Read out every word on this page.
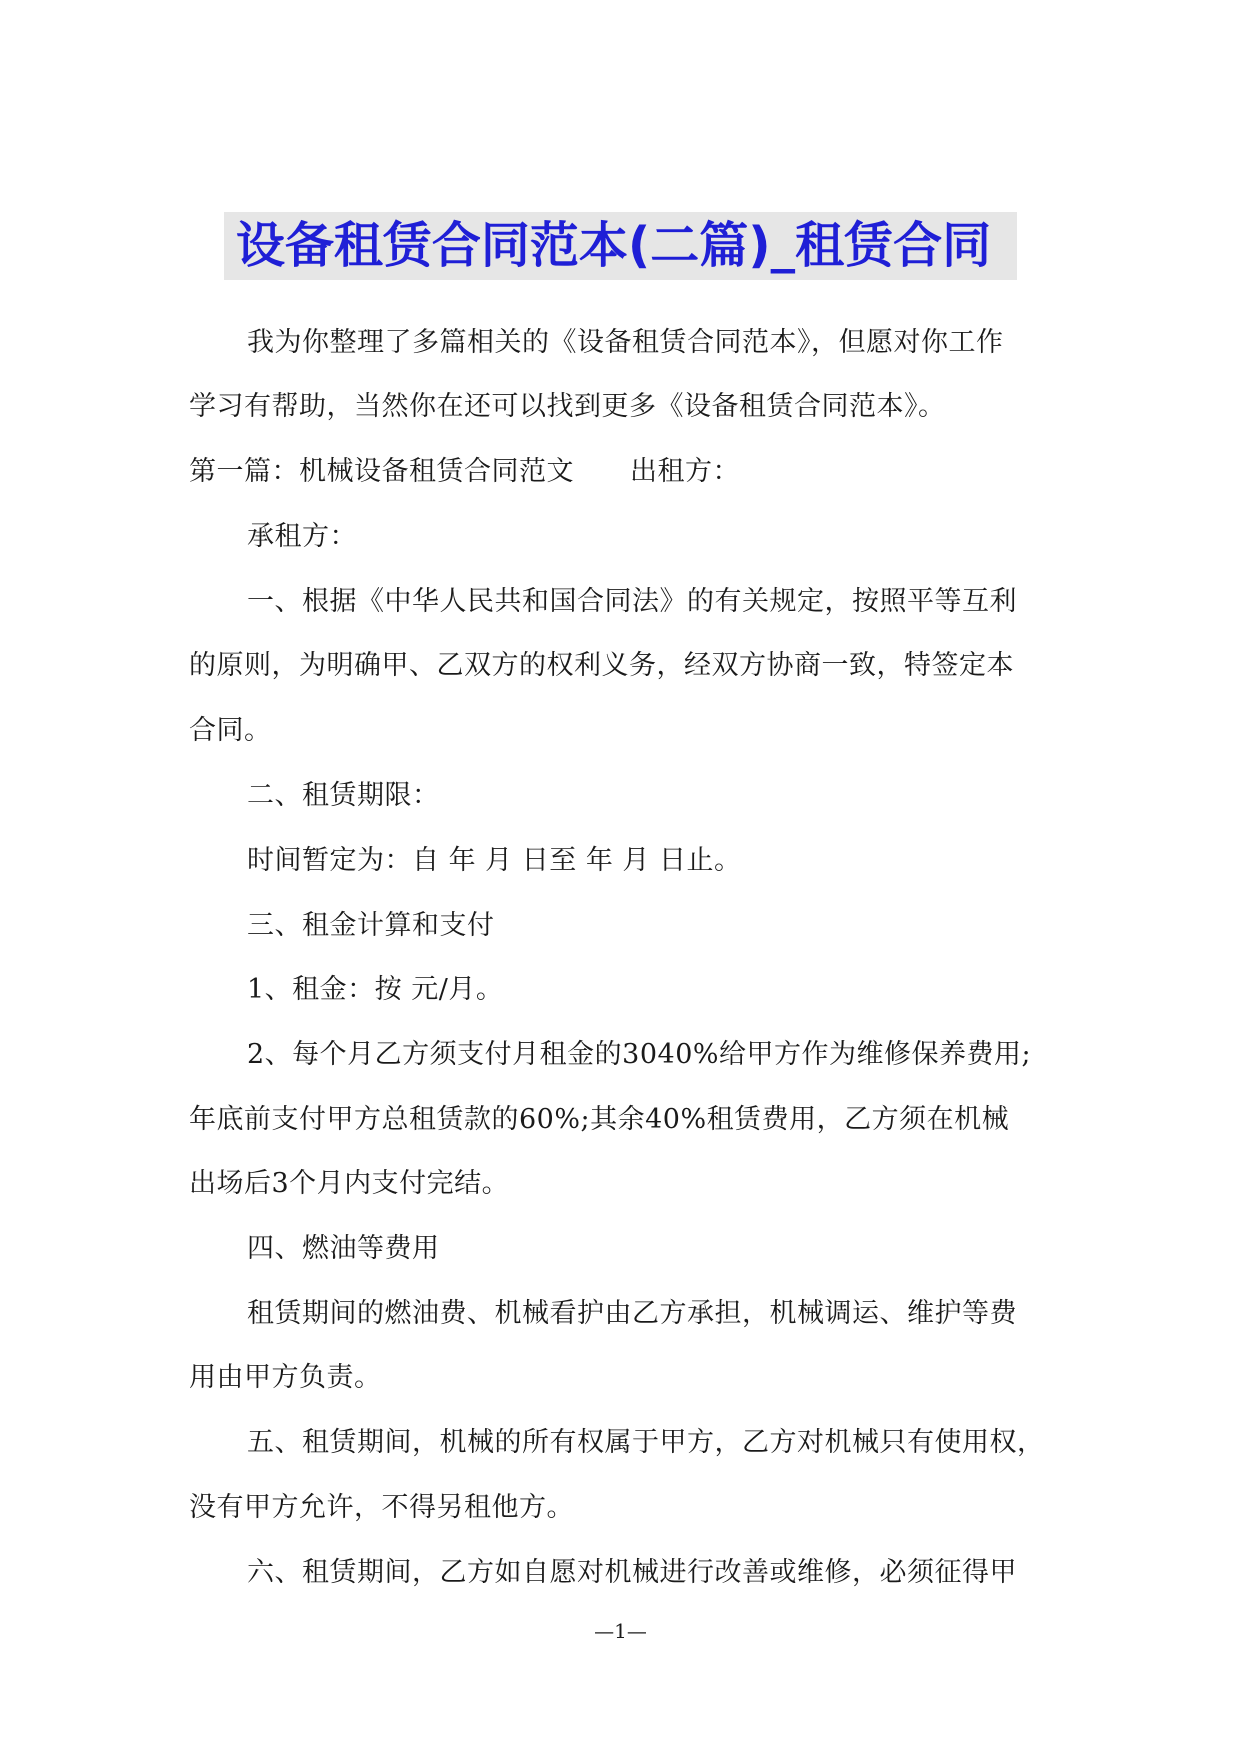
设备租赁合同范本(二篇)_租赁合同
我为你整理了多篇相关的《设备租赁合同范本》，但愿对你工作
学习有帮助，当然你在还可以找到更多《设备租赁合同范本》。
第一篇：机械设备租赁合同范文 出租方：
承租方：
一、根据《中华人民共和国合同法》的有关规定，按照平等互利
的原则，为明确甲、乙双方的权利义务，经双方协商一致，特签定本
合同。
二、租赁期限：
时间暂定为：自 年 月 日至 年 月 日止。
三、租金计算和支付
1、租金：按 元/月。
2、每个月乙方须支付月租金的3040%给甲方作为维修保养费用;
年底前支付甲方总租赁款的60%;其余40%租赁费用，乙方须在机械
出场后3个月内支付完结。
四、燃油等费用
租赁期间的燃油费、机械看护由乙方承担，机械调运、维护等费
用由甲方负责。
五、租赁期间，机械的所有权属于甲方，乙方对机械只有使用权，
没有甲方允许，不得另租他方。
六、租赁期间，乙方如自愿对机械进行改善或维修，必须征得甲
—1—
